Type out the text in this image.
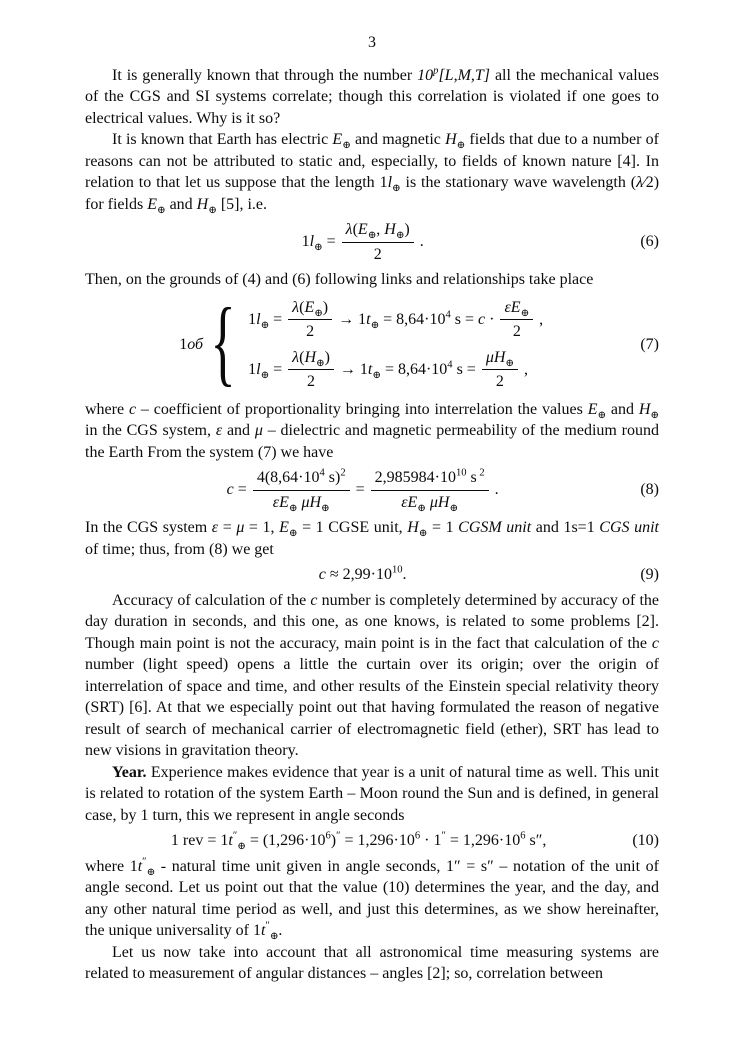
3

It is generally known that through the number 10$^p$[L,M,T] all the mechanical values of the CGS and SI systems correlate; though this correlation is violated if one goes to electrical values. Why is it so?

It is known that Earth has electric $E_\oplus$ and magnetic $H_\oplus$ fields that due to a number of reasons can not be attributed to static and, especially, to fields of known nature [4]. In relation to that let us suppose that the length $1l_\oplus$ is the stationary wave wavelength (λ⁄2) for fields $E_\oplus$ and $H_\oplus$ [5], i.e.

$1l_\oplus = \frac{\lambda(E_\oplus, H_\oplus)}{2}$ .	(6)

Then, on the grounds of (4) and (6) following links and relationships take place

1об { $1l_\oplus = \frac{\lambda(E_\oplus)}{2} \to 1t_\oplus = 8,64\cdot 10^4$ $s = c \cdot \frac{\varepsilon E_\oplus}{2}$ ,
$1l_\oplus = \frac{\lambda(H_\oplus)}{2} \to 1t_\oplus = 8,64\cdot 10^4$ $s = \frac{\mu H_\oplus}{2}$ ,
(7)

where c – coefficient of proportionality bringing into interrelation the values $E_\oplus$ and $H_\oplus$ in the CGS system, ε and μ – dielectric and magnetic permeability of the medium round the Earth From the system (7) we have

$c = \frac{4(8,64\cdot 10^4 s)^2}{\varepsilon E_\oplus \mu H_\oplus} = \frac{2,985984\cdot 10^{10} s ^2}{\varepsilon E_\oplus \mu H_\oplus}$ .	(8)

In the CGS system ε = μ = 1, $E_\oplus = 1$ CGSE unit, $H_\oplus = 1$ CGSM unit and 1s=1 CGS unit of time; thus, from (8) we get

$c \approx 2,99\cdot 10^{10}$.	(9)

Accuracy of calculation of the c number is completely determined by accuracy of the day duration in seconds, and this one, as one knows, is related to some problems [2]. Though main point is not the accuracy, main point is in the fact that calculation of the c number (light speed) opens a little the curtain over its origin; over the origin of interrelation of space and time, and other results of the Einstein special relativity theory (SRT) [6]. At that we especially point out that having formulated the reason of negative result of search of mechanical carrier of electromagnetic field (ether), SRT has lead to new visions in gravitation theory.

Year. Experience makes evidence that year is a unit of natural time as well. This unit is related to rotation of the system Earth – Moon round the Sun and is defined, in general case, by 1 turn, this we represent in angle seconds

1 rev = $1t''_\oplus = (1,296\cdot 10^6)'' = 1,296\cdot 10^6 \cdot 1'' = 1,296\cdot 10^6$ s″,	(10)

where $1t''_\oplus$ - natural time unit given in angle seconds, 1″ = s″ – notation of the unit of angle second. Let us point out that the value (10) determines the year, and the day, and any other natural time period as well, and just this determines, as we show hereinafter, the unique universality of $1t''_\oplus$.

Let us now take into account that all astronomical time measuring systems are related to measurement of angular distances – angles [2]; so, correlation between
